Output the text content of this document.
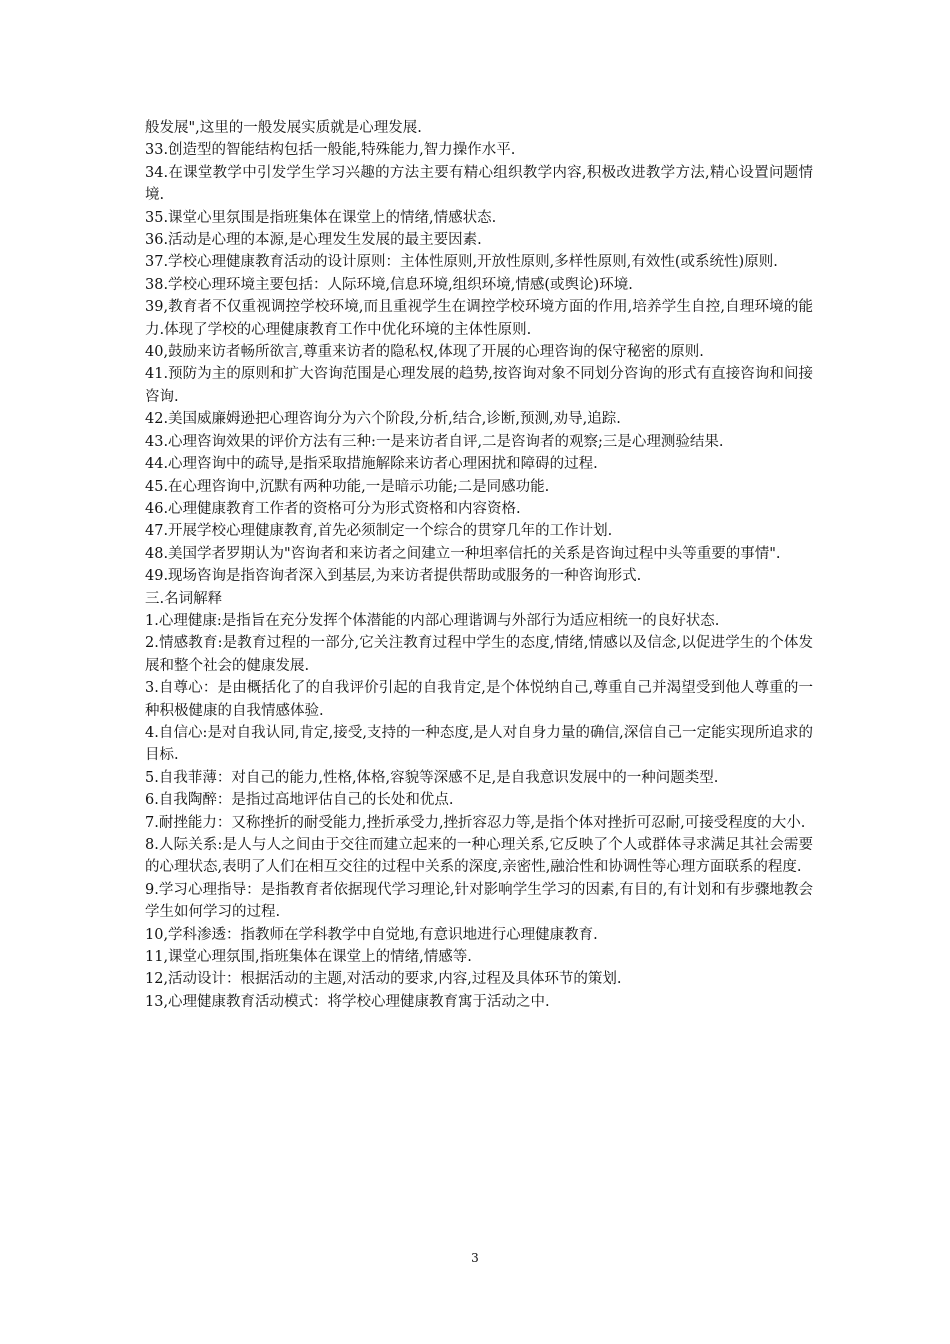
般发展",这里的一般发展实质就是心理发展.

33.创造型的智能结构包括一般能,特殊能力,智力操作水平.

34.在课堂教学中引发学生学习兴趣的方法主要有精心组织教学内容,积极改进教学方法,精心设置问题情境.

35.课堂心里氛围是指班集体在课堂上的情绪,情感状态.

36.活动是心理的本源,是心理发生发展的最主要因素.

37.学校心理健康教育活动的设计原则：主体性原则,开放性原则,多样性原则,有效性(或系统性)原则.

38.学校心理环境主要包括：人际环境,信息环境,组织环境,情感(或舆论)环境.

39,教育者不仅重视调控学校环境,而且重视学生在调控学校环境方面的作用,培养学生自控,自理环境的能力.体现了学校的心理健康教育工作中优化环境的主体性原则.

40,鼓励来访者畅所欲言,尊重来访者的隐私权,体现了开展的心理咨询的保守秘密的原则.

41.预防为主的原则和扩大咨询范围是心理发展的趋势,按咨询对象不同划分咨询的形式有直接咨询和间接咨询.

42.美国威廉姆逊把心理咨询分为六个阶段,分析,结合,诊断,预测,劝导,追踪.

43.心理咨询效果的评价方法有三种:一是来访者自评,二是咨询者的观察;三是心理测验结果.

44.心理咨询中的疏导,是指采取措施解除来访者心理困扰和障碍的过程.

45.在心理咨询中,沉默有两种功能,一是暗示功能;二是同感功能.

46.心理健康教育工作者的资格可分为形式资格和内容资格.

47.开展学校心理健康教育,首先必须制定一个综合的贯穿几年的工作计划.

48.美国学者罗期认为"咨询者和来访者之间建立一种坦率信托的关系是咨询过程中头等重要的事情".

49.现场咨询是指咨询者深入到基层,为来访者提供帮助或服务的一种咨询形式.

三.名词解释

1.心理健康:是指旨在充分发挥个体潜能的内部心理谐调与外部行为适应相统一的良好状态.

2.情感教育:是教育过程的一部分,它关注教育过程中学生的态度,情绪,情感以及信念,以促进学生的个体发展和整个社会的健康发展.

3.自尊心：是由概括化了的自我评价引起的自我肯定,是个体悦纳自己,尊重自己并渴望受到他人尊重的一种积极健康的自我情感体验.

4.自信心:是对自我认同,肯定,接受,支持的一种态度,是人对自身力量的确信,深信自己一定能实现所追求的目标.

5.自我菲薄：对自己的能力,性格,体格,容貌等深感不足,是自我意识发展中的一种问题类型.

6.自我陶醉：是指过高地评估自己的长处和优点.

7.耐挫能力：又称挫折的耐受能力,挫折承受力,挫折容忍力等,是指个体对挫折可忍耐,可接受程度的大小.

8.人际关系:是人与人之间由于交往而建立起来的一种心理关系,它反映了个人或群体寻求满足其社会需要的心理状态,表明了人们在相互交往的过程中关系的深度,亲密性,融洽性和协调性等心理方面联系的程度.

9.学习心理指导：是指教育者依据现代学习理论,针对影响学生学习的因素,有目的,有计划和有步骤地教会学生如何学习的过程.

10,学科渗透：指教师在学科教学中自觉地,有意识地进行心理健康教育.

11,课堂心理氛围,指班集体在课堂上的情绪,情感等.

12,活动设计：根据活动的主题,对活动的要求,内容,过程及具体环节的策划.

13,心理健康教育活动模式：将学校心理健康教育寓于活动之中.

3
